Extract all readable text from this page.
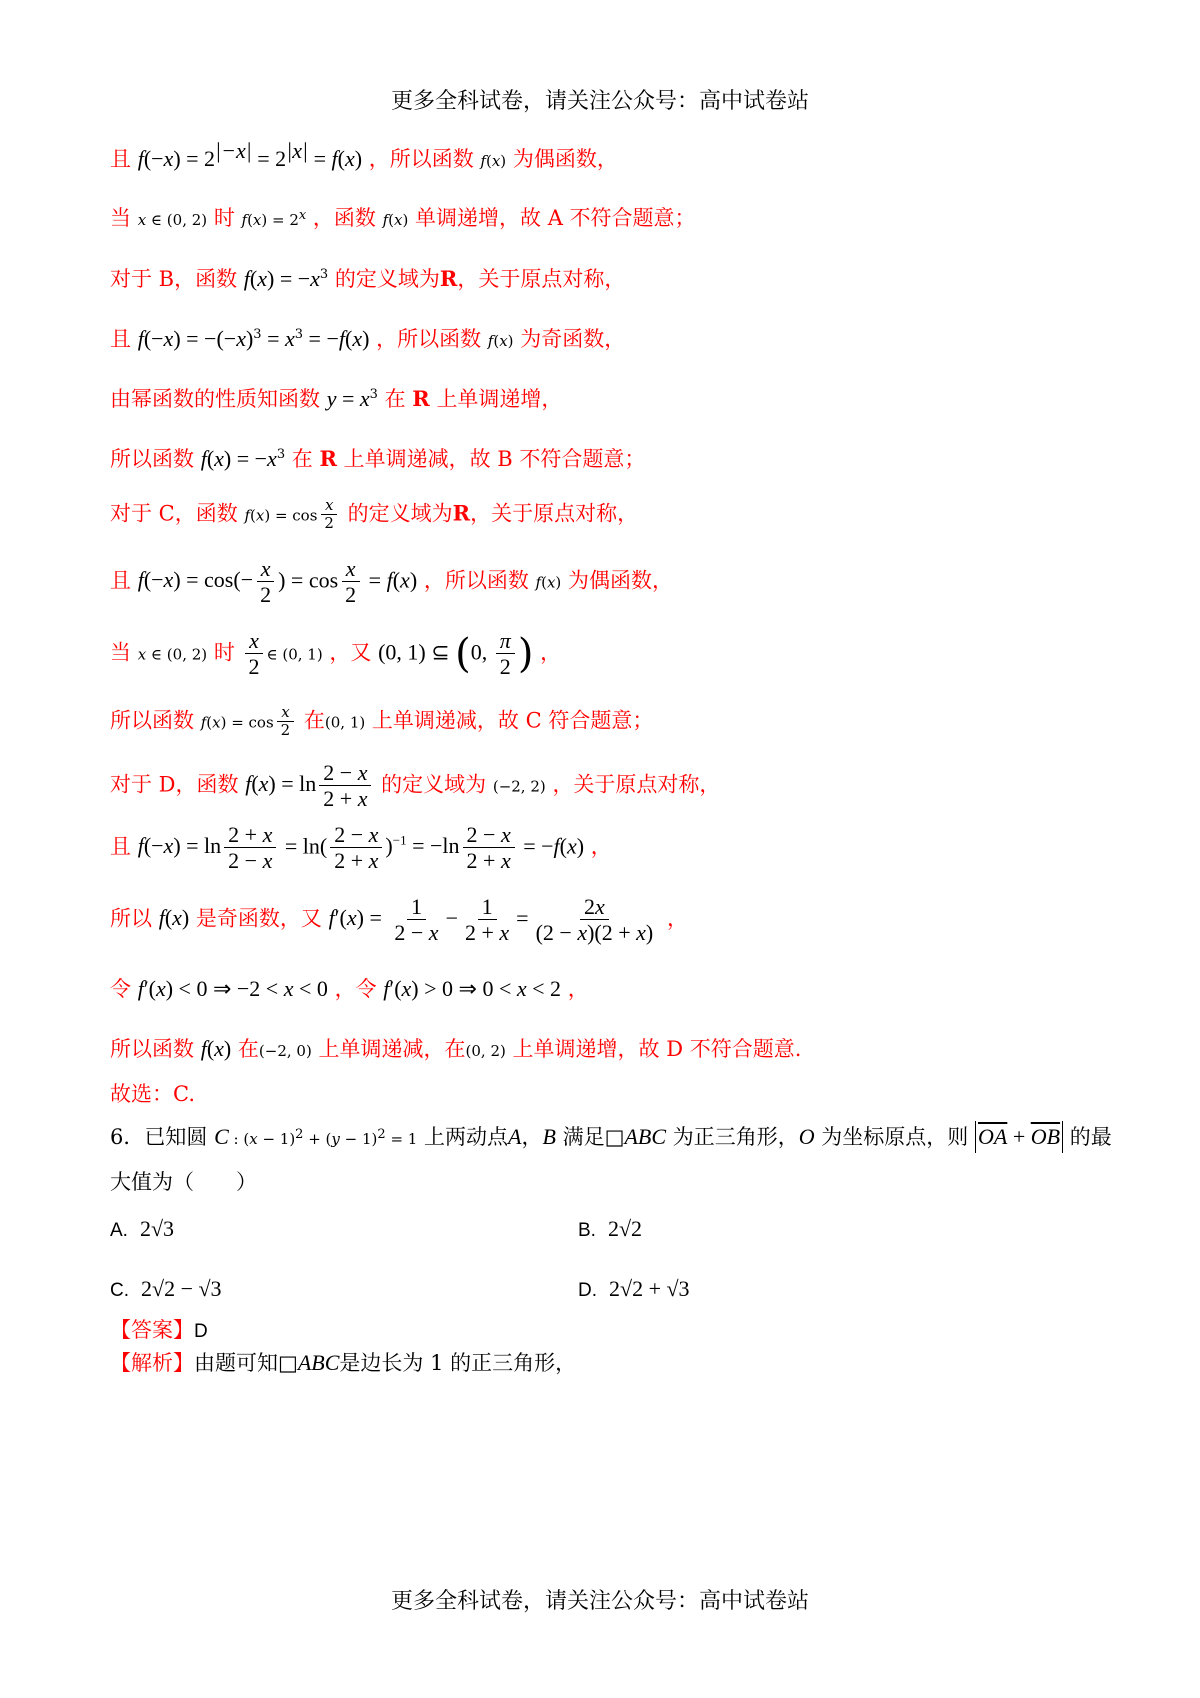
更多全科试卷，请关注公众号：高中试卷站
且 $f(-x) = 2^{|-x|} = 2^{|x|} = f(x)$ ，所以函数 f(x) 为偶函数，
当 x ∈ (0, 2) 时 $f(x) = 2^x$ ，函数 f(x) 单调递增，故 A 不符合题意；
对于 B，函数 $f(x) = -x^3$ 的定义域为R，关于原点对称，
且 $f(-x) = -(-x)^3 = x^3 = -f(x)$ ，所以函数 f(x) 为奇函数，
由幂函数的性质知函数 $y = x^3$ 在 R 上单调递增，
所以函数 $f(x) = -x^3$ 在 R 上单调递减，故 B 不符合题意；
对于 C，函数 $f(x) = \cos \frac{x}{2}$ 的定义域为R，关于原点对称，
且 $f(-x) = \cos(- \frac{x}{2}$ ) = $\cos \frac{x}{2} = f(x)$ ，所以函数 f(x) 为偶函数，
当 x ∈ (0, 2) 时 $\frac{x}{2}$ ∈ (0, 1) ，又 (0, 1) ⊆ (0, $\frac{\pi}{2}$ ) ，
所以函数 $f(x) = \cos \frac{x}{2}$ 在(0, 1) 上单调递减，故 C 符合题意；
对于 D，函数 $f(x) = \ln \frac{2 - x}{2 + x}$ 的定义域为 (−2, 2) ，关于原点对称，
且 $f(-x) = \ln \frac{2 + x}{2 - x} = \ln( \frac{2 - x}{2 + x} )^{-1} = -\ln \frac{2 - x}{2 + x} = -f(x)$ ，
所以 f(x) 是奇函数，又 $f'(x) = \frac{1}{2 - x} - \frac{1}{2 + x} = \frac{2x}{(2 - x)(2 + x)}$ ，
令 f′(x) < 0 ⇒ −2 < x < 0 ，令 f′(x) > 0 ⇒ 0 < x < 2 ，
所以函数 f(x) 在(−2, 0) 上单调递减，在(0, 2) 上单调递增，故 D 不符合题意.
故选：C.
6．已知圆 C : $(x - 1)^2 + (y - 1)^2 = 1$ 上两动点A，B 满足□ABC 为正三角形，O 为坐标原点，则 $\overline{OA} + \overline{OB}$ 的最
大值为（　　）
A. 2√3	B. 2√2
C. 2√2 − √3	D. 2√2 + √3
【答案】D
【解析】由题可知□ABC是边长为 1 的正三角形，
更多全科试卷，请关注公众号：高中试卷站
